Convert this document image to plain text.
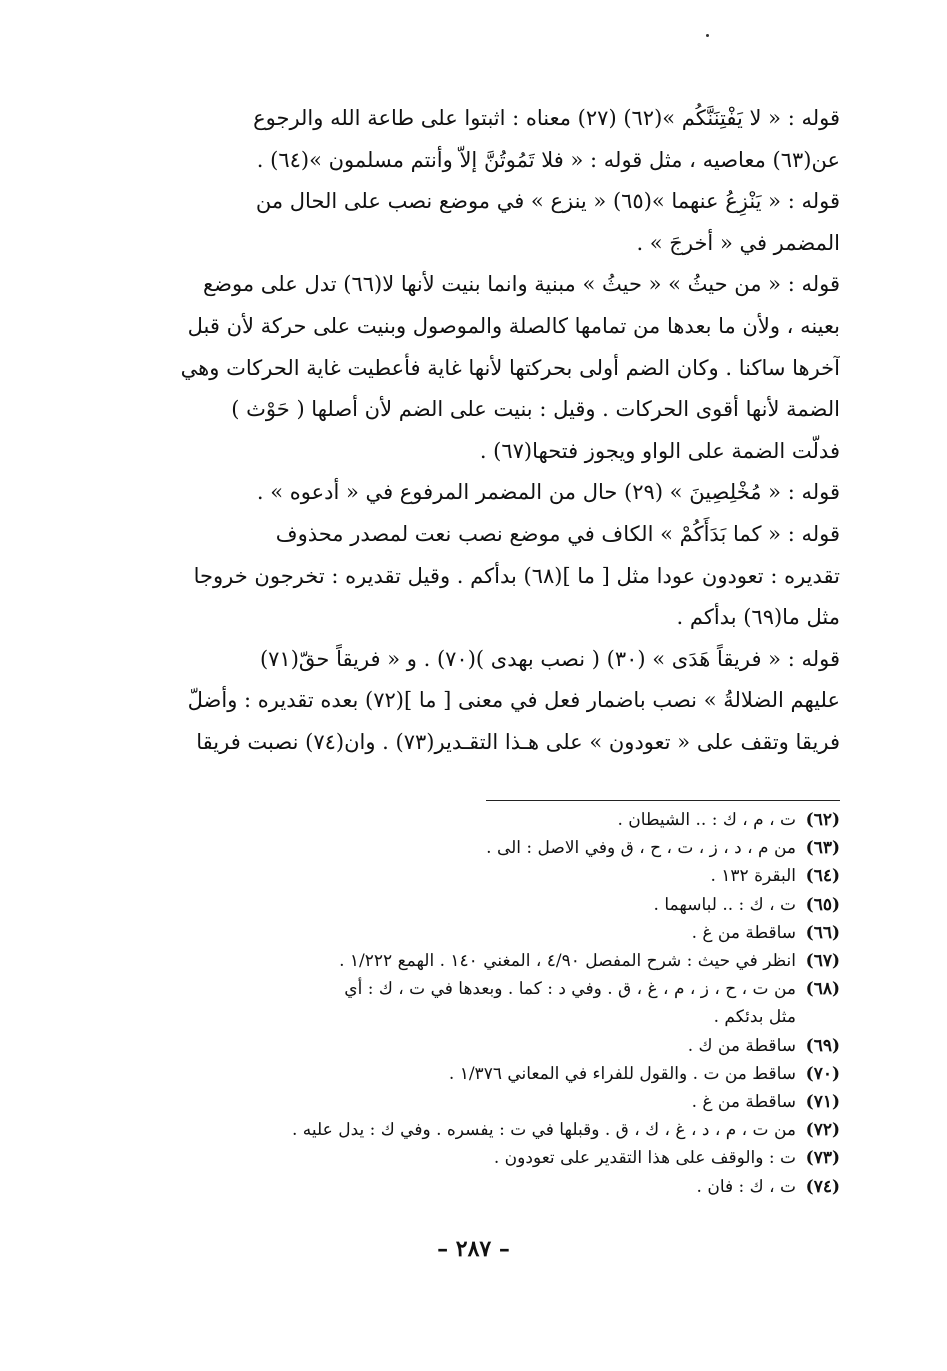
قوله : « لا يَفْتِنَنَّكُم »(٦٢) (٢٧) معناه : اثبتوا على طاعة الله والرجوع
عن(٦٣) معاصيه ، مثل قوله : « فلا تَمُوتُنَّ إلاّ وأنتم مسلمون »(٦٤) .
قوله : « يَنْزِعُ عنهما »(٦٥) « ينزع » في موضع نصب على الحال من
المضمر في « أخرجَ » .
قوله : « من حيثُ » « حيثُ » مبنية وانما بنيت لأنها لا(٦٦) تدل على موضع
بعينه ، ولأن ما بعدها من تمامها كالصلة والموصول وبنيت على حركة لأن قبل
آخرها ساكنا . وكان الضم أولى بحركتها لأنها غاية فأعطيت غاية الحركات وهي
الضمة لأنها أقوى الحركات . وقيل : بنيت على الضم لأن أصلها ( حَوْث )
فدلّت الضمة على الواو ويجوز فتحها(٦٧) .
قوله : « مُخْلِصِينَ » (٢٩) حال من المضمر المرفوع في « أدعوه » .
قوله : « كما بَدَأَكُمْ » الكاف في موضع نصب نعت لمصدر محذوف
تقديره : تعودون عودا مثل [ ما ](٦٨) بدأكم . وقيل تقديره : تخرجون خروجا
مثل ما(٦٩) بدأكم .
قوله : « فريقاً هَدَى » (٣٠) ( نصب بهدى )(٧٠) . و « فريقاً حقّ(٧١)
عليهم الضلالةُ » نصب باضمار فعل في معنى [ ما ](٧٢) بعده تقديره : وأضلّ
فريقا وتقف على « تعودون » على هـذا التقـدير(٧٣) . وان(٧٤) نصبت فريقا
(٦٢)ت ، م ، ك : .. الشيطان .
(٦٣)من م ، د ، ز ، ت ، ح ، ق وفي الاصل : الى .
(٦٤)البقرة ١٣٢ .
(٦٥)ت ، ك : .. لباسهما .
(٦٦)ساقطة من غ .
(٦٧)انظر في حيث : شرح المفصل ٤/٩٠ ، المغني ١٤٠ . الهمع ١/٢٢٢ .
(٦٨)من ت ، ح ، ز ، م ، غ ، ق . وفي د : كما . وبعدها في ت ، ك : أي
مثل بدئكم .
(٦٩)ساقطة من ك .
(٧٠)ساقط من ت . والقول للفراء في المعاني ١/٣٧٦ .
(٧١)ساقطة من غ .
(٧٢)من ت ، م ، د ، غ ، ك ، ق . وقبلها في ت : يفسره . وفي ك : يدل عليه .
(٧٣)ت : والوقف على هذا التقدير على تعودون .
(٧٤)ت ، ك : فان .
– ٢٨٧ –
